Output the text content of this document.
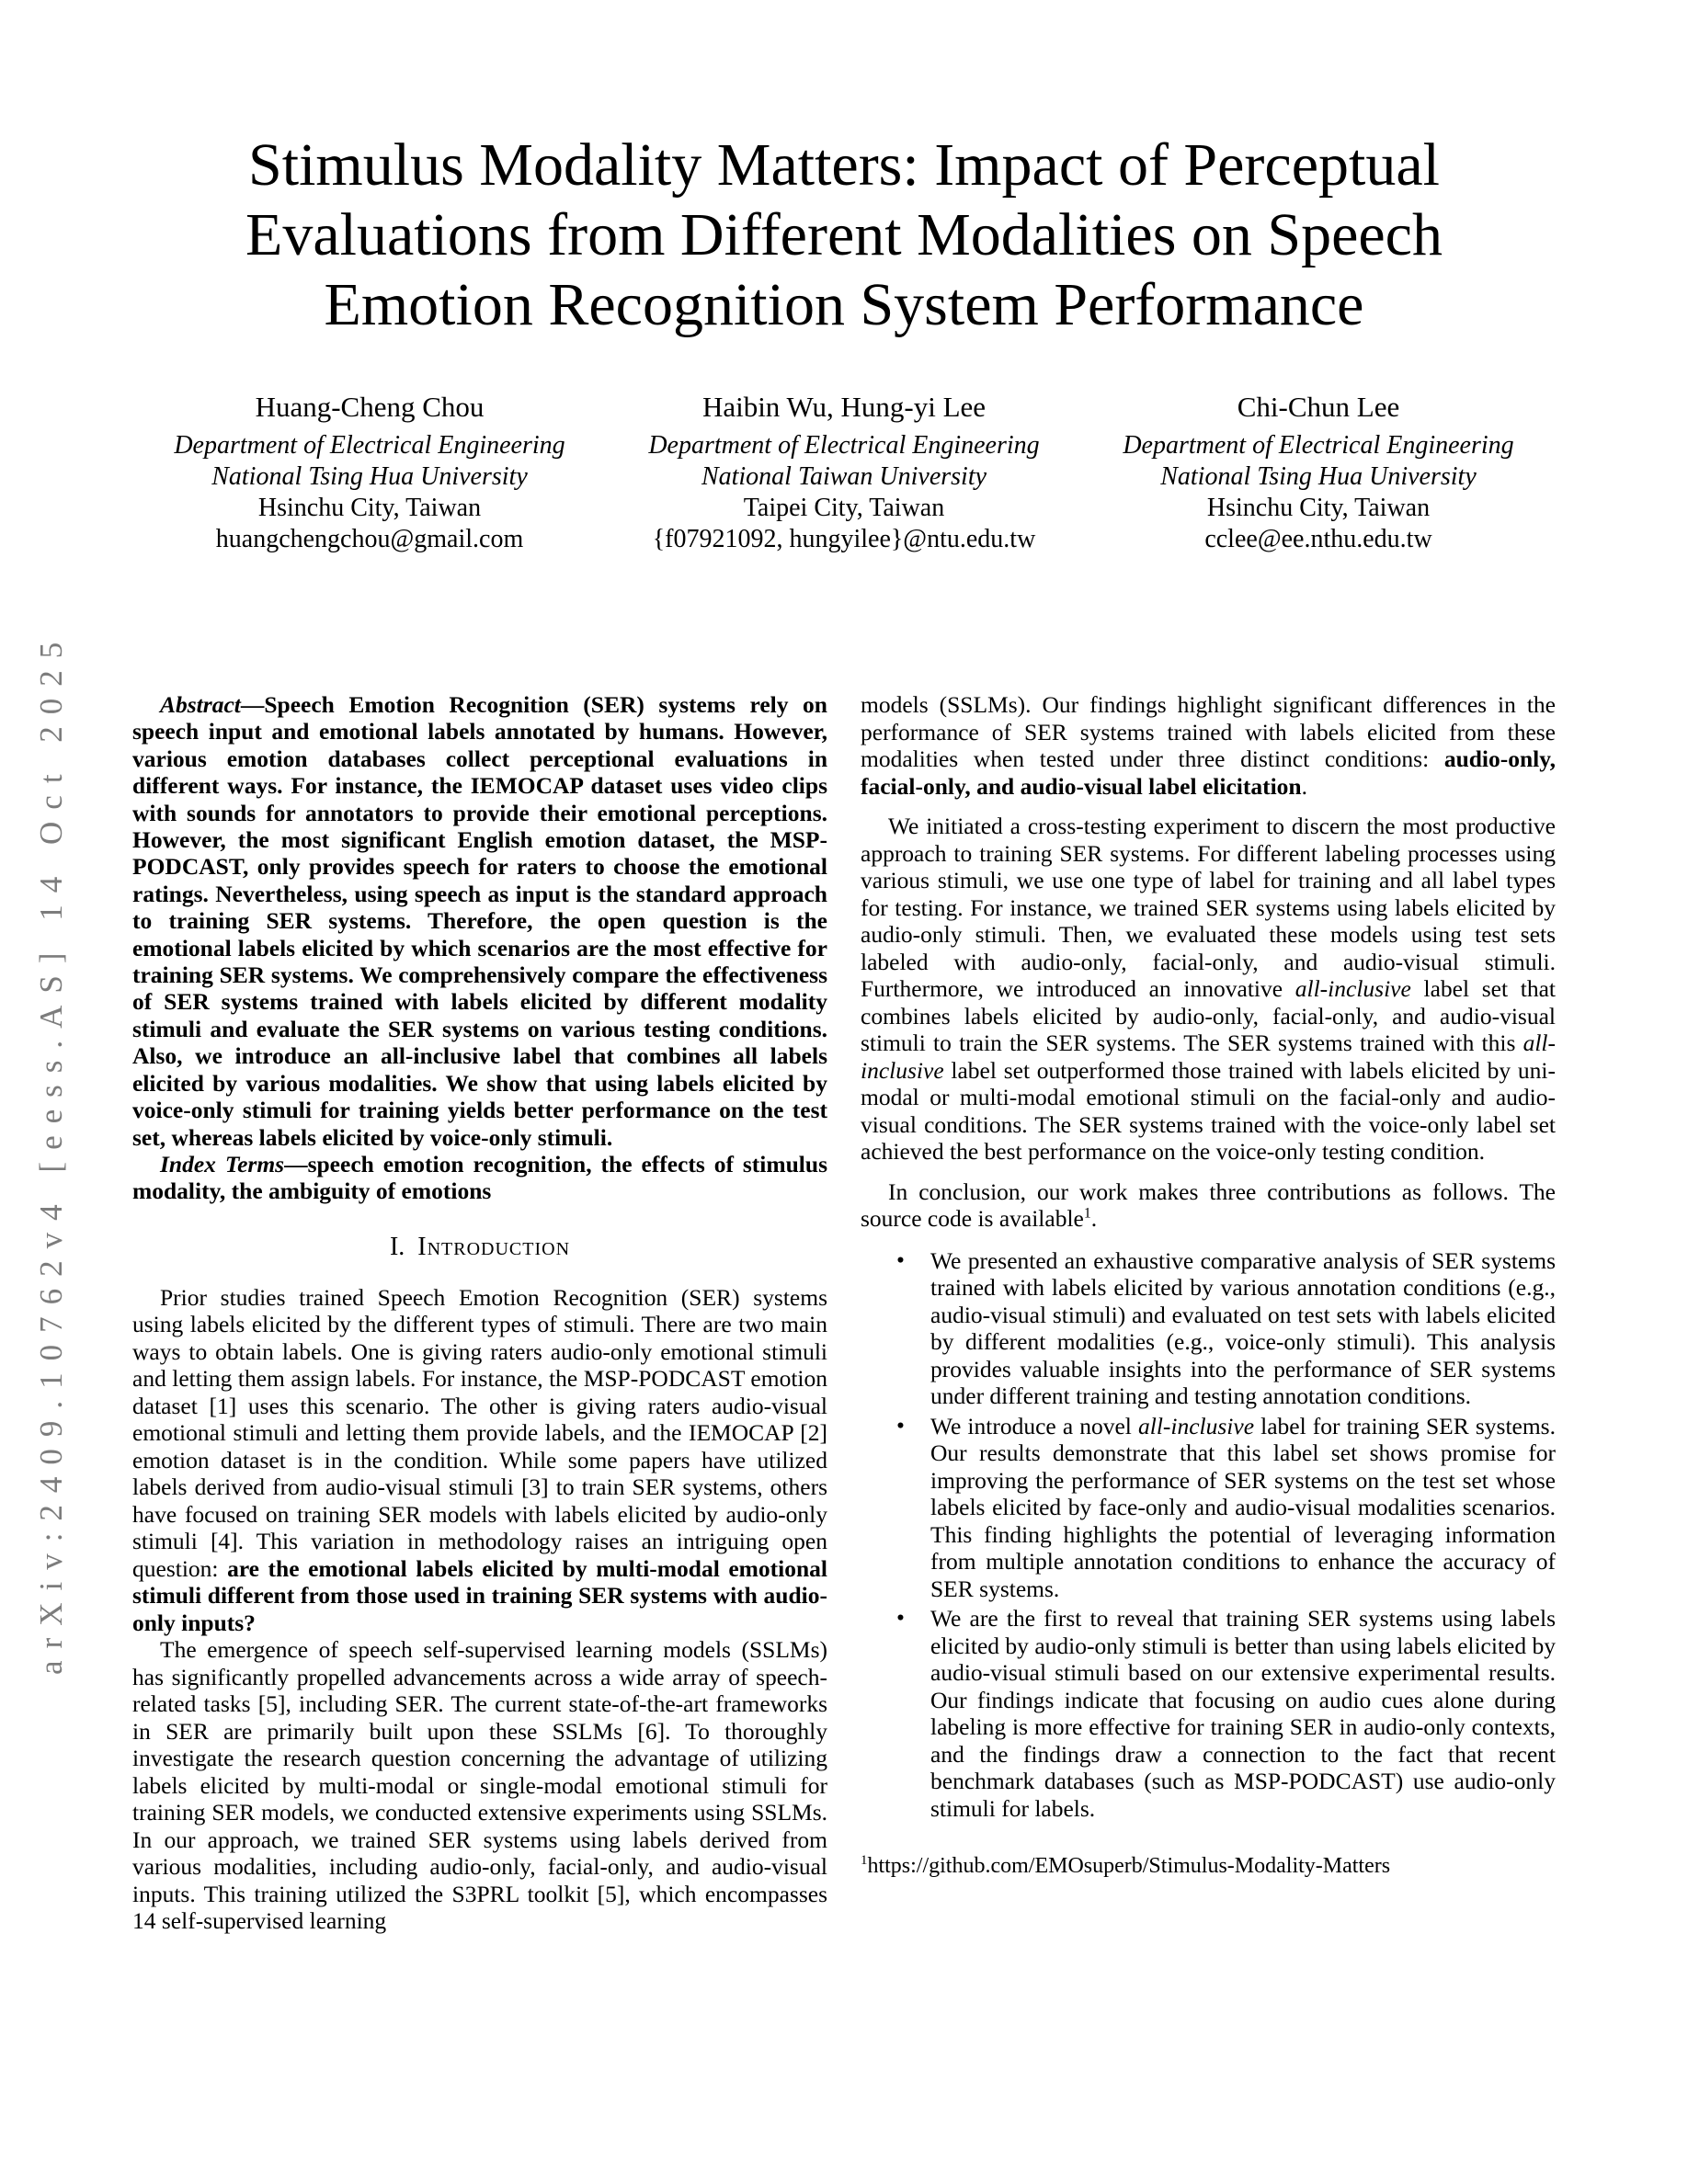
arXiv:2409.10762v4 [eess.AS] 14 Oct 2025
Stimulus Modality Matters: Impact of Perceptual
Evaluations from Different Modalities on Speech
Emotion Recognition System Performance
Huang-Cheng Chou
Department of Electrical Engineering
National Tsing Hua University
Hsinchu City, Taiwan
huangchengchou@gmail.com
Haibin Wu, Hung-yi Lee
Department of Electrical Engineering
National Taiwan University
Taipei City, Taiwan
{f07921092, hungyilee}@ntu.edu.tw
Chi-Chun Lee
Department of Electrical Engineering
National Tsing Hua University
Hsinchu City, Taiwan
cclee@ee.nthu.edu.tw

Abstract—Speech Emotion Recognition (SER) systems rely on speech input and emotional labels annotated by humans. However, various emotion databases collect perceptional evaluations in different ways. For instance, the IEMOCAP dataset uses video clips with sounds for annotators to provide their emotional perceptions. However, the most significant English emotion dataset, the MSP-PODCAST, only provides speech for raters to choose the emotional ratings. Nevertheless, using speech as input is the standard approach to training SER systems. Therefore, the open question is the emotional labels elicited by which scenarios are the most effective for training SER systems. We comprehensively compare the effectiveness of SER systems trained with labels elicited by different modality stimuli and evaluate the SER systems on various testing conditions. Also, we introduce an all-inclusive label that combines all labels elicited by various modalities. We show that using labels elicited by voice-only stimuli for training yields better performance on the test set, whereas labels elicited by voice-only stimuli.

Index Terms—speech emotion recognition, the effects of stimulus modality, the ambiguity of emotions

I. Introduction

Prior studies trained Speech Emotion Recognition (SER) systems using labels elicited by the different types of stimuli. There are two main ways to obtain labels. One is giving raters audio-only emotional stimuli and letting them assign labels. For instance, the MSP-PODCAST emotion dataset [1] uses this scenario. The other is giving raters audio-visual emotional stimuli and letting them provide labels, and the IEMOCAP [2] emotion dataset is in the condition. While some papers have utilized labels derived from audio-visual stimuli [3] to train SER systems, others have focused on training SER models with labels elicited by audio-only stimuli [4]. This variation in methodology raises an intriguing open question: are the emotional labels elicited by multi-modal emotional stimuli different from those used in training SER systems with audio-only inputs?

The emergence of speech self-supervised learning models (SSLMs) has significantly propelled advancements across a wide array of speech-related tasks [5], including SER. The current state-of-the-art frameworks in SER are primarily built upon these SSLMs [6]. To thoroughly investigate the research question concerning the advantage of utilizing labels elicited by multi-modal or single-modal emotional stimuli for training SER models, we conducted extensive experiments using SSLMs. In our approach, we trained SER systems using labels derived from various modalities, including audio-only, facial-only, and audio-visual inputs. This training utilized the S3PRL toolkit [5], which encompasses 14 self-supervised learning

models (SSLMs). Our findings highlight significant differences in the performance of SER systems trained with labels elicited from these modalities when tested under three distinct conditions: audio-only, facial-only, and audio-visual label elicitation.

We initiated a cross-testing experiment to discern the most productive approach to training SER systems. For different labeling processes using various stimuli, we use one type of label for training and all label types for testing. For instance, we trained SER systems using labels elicited by audio-only stimuli. Then, we evaluated these models using test sets labeled with audio-only, facial-only, and audio-visual stimuli. Furthermore, we introduced an innovative all-inclusive label set that combines labels elicited by audio-only, facial-only, and audio-visual stimuli to train the SER systems. The SER systems trained with this all-inclusive label set outperformed those trained with labels elicited by uni-modal or multi-modal emotional stimuli on the facial-only and audio-visual conditions. The SER systems trained with the voice-only label set achieved the best performance on the voice-only testing condition.

In conclusion, our work makes three contributions as follows. The source code is available$^1$.

• We presented an exhaustive comparative analysis of SER systems trained with labels elicited by various annotation conditions (e.g., audio-visual stimuli) and evaluated on test sets with labels elicited by different modalities (e.g., voice-only stimuli). This analysis provides valuable insights into the performance of SER systems under different training and testing annotation conditions.
• We introduce a novel all-inclusive label for training SER systems. Our results demonstrate that this label set shows promise for improving the performance of SER systems on the test set whose labels elicited by face-only and audio-visual modalities scenarios. This finding highlights the potential of leveraging information from multiple annotation conditions to enhance the accuracy of SER systems.
• We are the first to reveal that training SER systems using labels elicited by audio-only stimuli is better than using labels elicited by audio-visual stimuli based on our extensive experimental results. Our findings indicate that focusing on audio cues alone during labeling is more effective for training SER in audio-only contexts, and the findings draw a connection to the fact that recent benchmark databases (such as MSP-PODCAST) use audio-only stimuli for labels.
$^1$https://github.com/EMOsuperb/Stimulus-Modality-Matters
